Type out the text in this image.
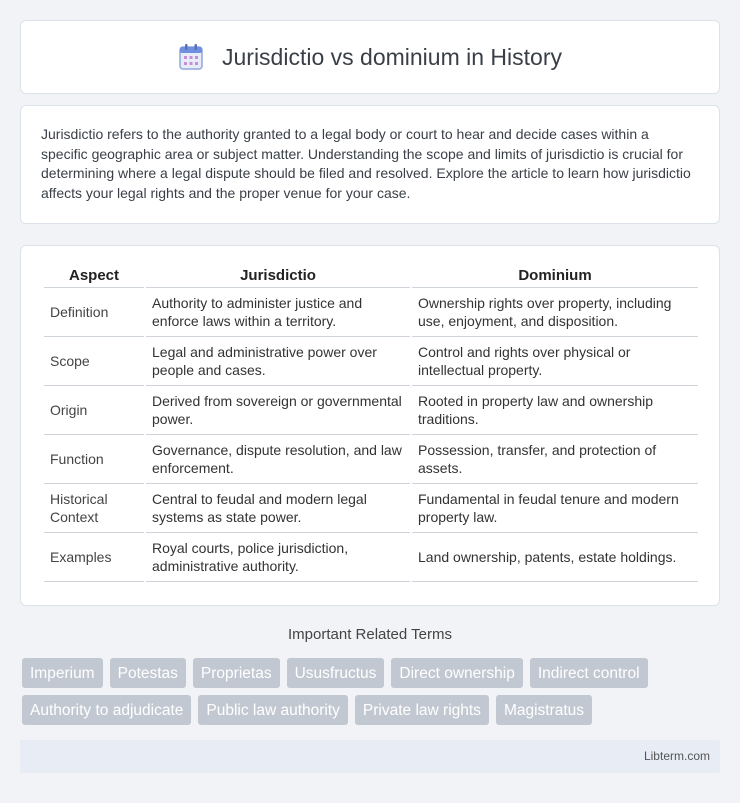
Jurisdictio vs dominium in History

Jurisdictio refers to the authority granted to a legal body or court to hear and decide cases within a specific geographic area or subject matter. Understanding the scope and limits of jurisdictio is crucial for determining where a legal dispute should be filed and resolved. Explore the article to learn how jurisdictio affects your legal rights and the proper venue for your case.

Aspect	Jurisdictio	Dominium
Definition	Authority to administer justice and enforce laws within a territory.	Ownership rights over property, including use, enjoyment, and disposition.
Scope	Legal and administrative power over people and cases.	Control and rights over physical or intellectual property.
Origin	Derived from sovereign or governmental power.	Rooted in property law and ownership traditions.
Function	Governance, dispute resolution, and law enforcement.	Possession, transfer, and protection of assets.
Historical Context	Central to feudal and modern legal systems as state power.	Fundamental in feudal tenure and modern property law.
Examples	Royal courts, police jurisdiction, administrative authority.	Land ownership, patents, estate holdings.
Important Related Terms
Imperium	Potestas	Proprietas	Ususfructus	Direct ownership	Indirect control
Authority to adjudicate	Public law authority	Private law rights	Magistratus
Libterm.com
